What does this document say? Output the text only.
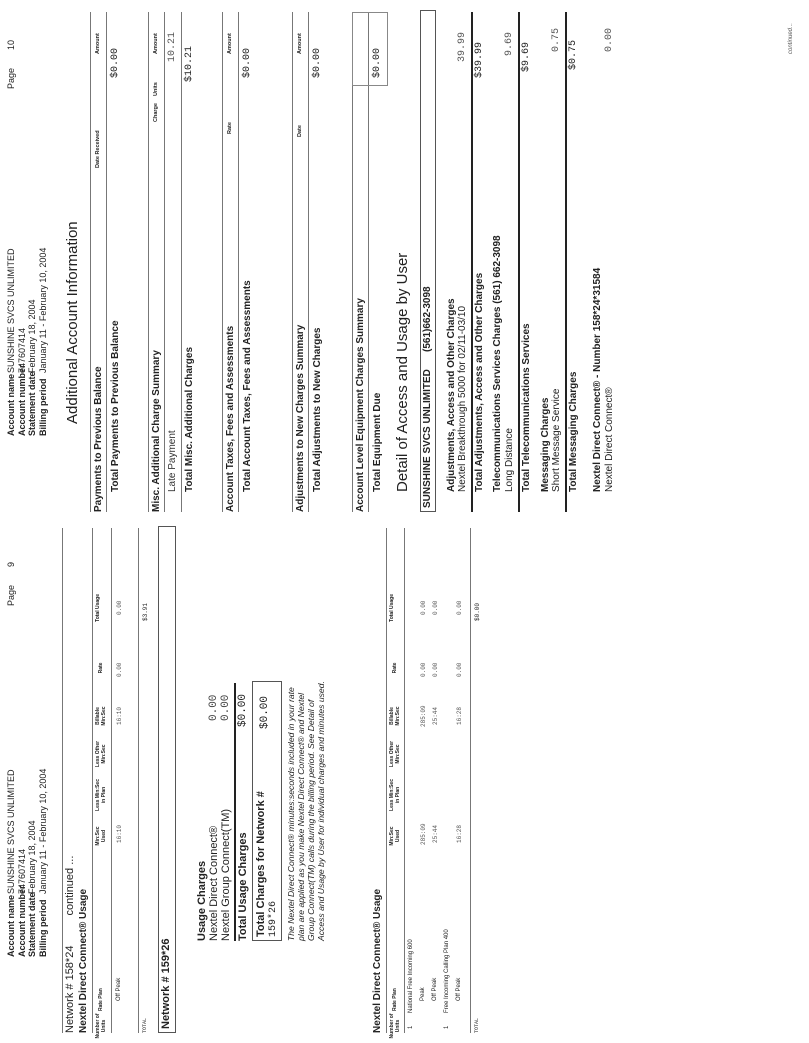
Account nameSUNSHINE SVCS UNLIMITED
Account number747607414
Statement dateFebruary 18, 2004
Billing periodJanuary 11 - February 10, 2004
Page9
Network # 158*24continued ...
Nextel Direct Connect® Usage Number of Units
Rate Plan
Min:Sec Used
Less Min:Sec in Plan
Less Other Min:Sec
Billable Min:Sec
Rate
Total Usage
Off Peak
16:10
16:10
0.00
0.00
TOTAL
$3.91
Network # 159*26
Usage Charges Nextel Direct Connect®
0.00
Nextel Group Connect(TM)
0.00
Total Usage Charges
$0.00
Total Charges for Network # 159*26
$0.00 The Nextel Direct Connect® minutes:seconds included in your rate plan are applied as you make Nextel Direct Connect® and Nextel Group Connect(TM) calls during the billing period. See Detail of Access and Usage by User for individual charges and minutes used.
Nextel Direct Connect® Usage Number of Units
Rate Plan
Min:Sec Used
Less Min:Sec in Plan
Less Other Min:Sec
Billable Min:Sec
Rate
Total Usage
1
National Free Incoming 600 Peak
285:09
285:09
0.00
0.00
Off Peak
25:44
25:44
0.00
0.00
1
Free Incoming Calling Plan 400 Off Peak
16:28
16:28
0.00
0.00
TOTAL
$0.00
Account nameSUNSHINE SVCS UNLIMITED
Account number747607414
Statement dateFebruary 18, 2004
Billing periodJanuary 11 - February 10, 2004
Page10
Additional Account Information
Payments to Previous Balance
Date Received
Amount
Total Payments to Previous Balance
$0.00
Misc. Additional Charge Summary
Charge
Units
Amount
Late Payment
10.21
Total Misc. Additional Charges
$10.21
Account Taxes, Fees and Assessments
Rate
Amount
Total Account Taxes, Fees and Assessments
$0.00
Adjustments to New Charges Summary
Date
Amount
Total Adjustments to New Charges
$0.00
Account Level Equipment Charges Summary Total Equipment Due
$0.00
Detail of Access and Usage by User SUNSHINE SVCS UNLIMITED
(561)662-3098 Adjustments, Access and Other Charges Nextel Breakthrough 5000 for 02/11-03/10
39.99
Total Adjustments, Access and Other Charges
$39.99
Telecommunications Services Charges (561) 662-3098 Long Distance
9.69
Total Telecommunications Services
$9.69
Messaging Charges Short Message Service
0.75
Total Messaging Charges
$0.75
Nextel Direct Connect® - Number 158*24*31584 Nextel Direct Connect®
0.00	continued...
